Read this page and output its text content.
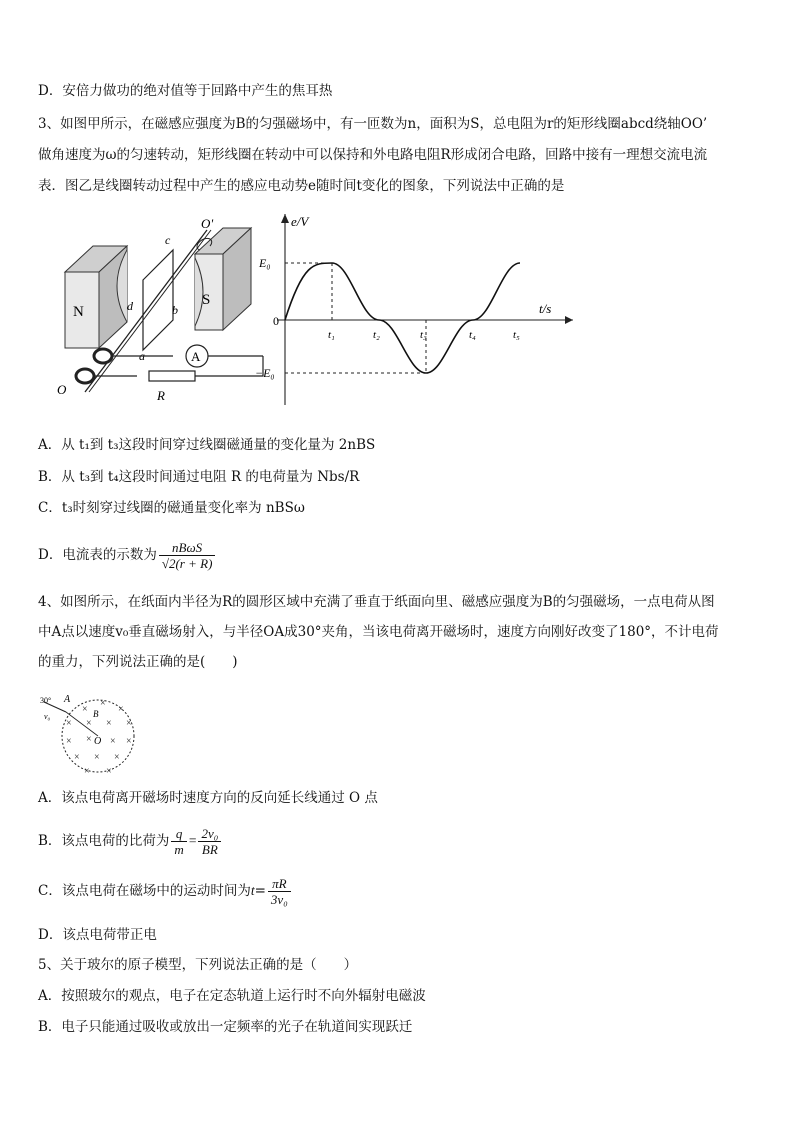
D．安倍力做功的绝对值等于回路中产生的焦耳热
3、如图甲所示，在磁感应强度为B的匀强磁场中，有一匝数为n，面积为S，总电阻为r的矩形线圈abcd绕轴OO’
做角速度为ω的匀速转动，矩形线圈在转动中可以保持和外电路电阻R形成闭合电路，回路中接有一理想交流电流
表．图乙是线圈转动过程中产生的感应电动势e随时间t变化的图象，下列说法中正确的是
N
S
c
d	b
a
O'
A
R
O
e/V
t/s
E₀
−E₀
0
t₁	t₂	t₃	t₄	t₅
A．从 t₁到 t₃这段时间穿过线圈磁通量的变化量为 2nBS
B．从 t₃到 t₄这段时间通过电阻 R 的电荷量为 Nbs/R
C．t₃时刻穿过线圈的磁通量变化率为 nBSω
D．电流表的示数为 $\frac{\text{nBωS}}{√2(r + R)}$
4、如图所示，在纸面内半径为R的圆形区域中充满了垂直于纸面向里、磁感应强度为B的匀强磁场，一点电荷从图
中A点以速度v₀垂直磁场射入，与半径OA成30°夹角，当该电荷离开磁场时，速度方向刚好改变了180°，不计电荷
的重力，下列说法正确的是(　　)
30° A
v₀	B
O
×
×
×
× × × ×
× × × ×
× × ×
× ×
A．该点电荷离开磁场时速度方向的反向延长线通过 O 点
B．该点电荷的比荷为 $\frac{q}{m} = \frac{\text{2v₀}}{BR}$
C．该点电荷在磁场中的运动时间为$t= \frac{\pi R}{\text{3v₀}}$
D．该点电荷带正电
5、关于玻尔的原子模型，下列说法正确的是（　　）
A．按照玻尔的观点，电子在定态轨道上运行时不向外辐射电磁波
B．电子只能通过吸收或放出一定频率的光子在轨道间实现跃迁
